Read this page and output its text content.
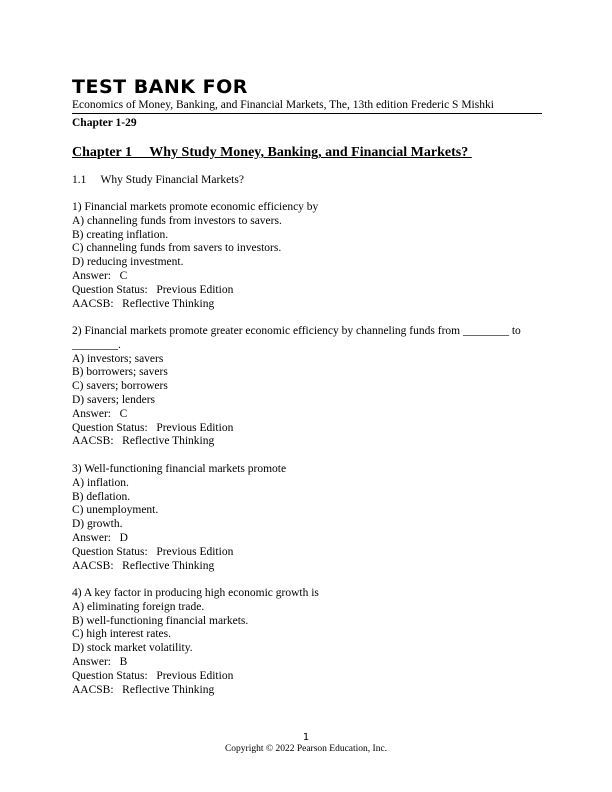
TEST BANK FOR
Economics of Money, Banking, and Financial Markets, The, 13th edition Frederic S Mishki
Chapter 1-29
Chapter 1     Why Study Money, Banking, and Financial Markets?
1.1     Why Study Financial Markets?
1) Financial markets promote economic efficiency by
A) channeling funds from investors to savers.
B) creating inflation.
C) channeling funds from savers to investors.
D) reducing investment.
Answer:   C
Question Status:   Previous Edition
AACSB:   Reflective Thinking
2) Financial markets promote greater economic efficiency by channeling funds from ________ to ________.
A) investors; savers
B) borrowers; savers
C) savers; borrowers
D) savers; lenders
Answer:   C
Question Status:   Previous Edition
AACSB:   Reflective Thinking
3) Well-functioning financial markets promote
A) inflation.
B) deflation.
C) unemployment.
D) growth.
Answer:   D
Question Status:   Previous Edition
AACSB:   Reflective Thinking
4) A key factor in producing high economic growth is
A) eliminating foreign trade.
B) well-functioning financial markets.
C) high interest rates.
D) stock market volatility.
Answer:   B
Question Status:   Previous Edition
AACSB:   Reflective Thinking
1
Copyright © 2022 Pearson Education, Inc.
